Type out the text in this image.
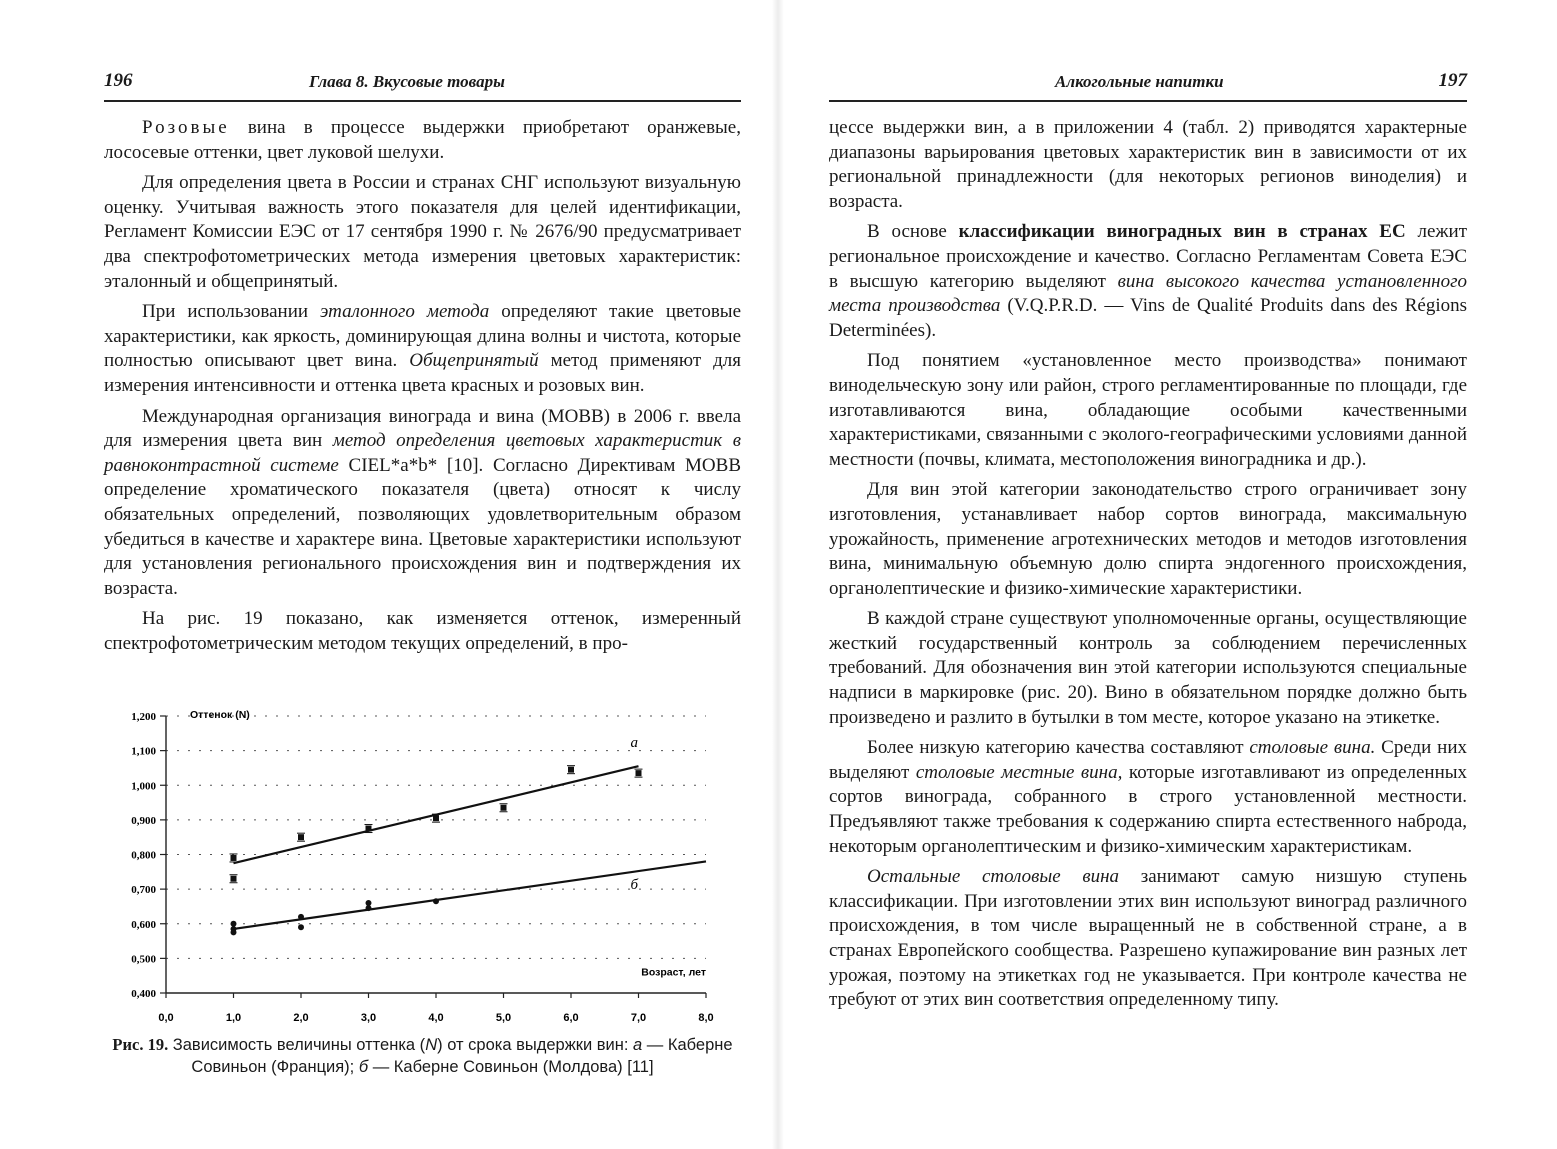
196	Глава 8. Вкусовые товары

Розовые вина в процессе выдержки приобретают оранжевые, лососевые оттенки, цвет луковой шелухи.

Для определения цвета в России и странах СНГ используют визуальную оценку. Учитывая важность этого показателя для целей идентификации, Регламент Комиссии ЕЭС от 17 сентября 1990 г. № 2676/90 предусматривает два спектрофотометрических метода измерения цветовых характеристик: эталонный и общепринятый.

При использовании эталонного метода определяют такие цветовые характеристики, как яркость, доминирующая длина волны и чистота, которые полностью описывают цвет вина. Общепринятый метод применяют для измерения интенсивности и оттенка цвета красных и розовых вин.

Международная организация винограда и вина (МОВВ) в 2006 г. ввела для измерения цвета вин метод определения цветовых характеристик в равноконтрастной системе CIEL*a*b* [10]. Согласно Директивам МОВВ определение хроматического показателя (цвета) относят к числу обязательных определений, позволяющих удовлетворительным образом убедиться в качестве и характере вина. Цветовые характеристики используют для установления регионального происхождения вин и подтверждения их возраста.

На рис. 19 показано, как изменяется оттенок, измеренный спектрофотометрическим методом текущих определений, в про-

0,400
0,500
0,600
0,700
0,800
0,900
1,000
1,100
1,200
0,0	1,0	2,0	3,0	4,0	5,0	6,0	7,0	8,0
Оттенок (N)
Возраст, лет
а
б
Рис. 19. Зависимость величины оттенка (N) от срока выдержки вин: а — Каберне Совиньон (Франция); б — Каберне Совиньон (Молдова) [11]
Алкогольные напитки	197

цессе выдержки вин, а в приложении 4 (табл. 2) приводятся характерные диапазоны варьирования цветовых характеристик вин в зависимости от их региональной принадлежности (для некоторых регионов виноделия) и возраста.

В основе классификации виноградных вин в странах ЕС лежит региональное происхождение и качество. Согласно Регламентам Совета ЕЭС в высшую категорию выделяют вина высокого качества установленного места производства (V.Q.P.R.D. — Vins de Qualité Produits dans des Régions Determinées).

Под понятием «установленное место производства» понимают винодельческую зону или район, строго регламентированные по площади, где изготавливаются вина, обладающие особыми качественными характеристиками, связанными с эколого-географическими условиями данной местности (почвы, климата, местоположения виноградника и др.).

Для вин этой категории законодательство строго ограничивает зону изготовления, устанавливает набор сортов винограда, максимальную урожайность, применение агротехнических методов и методов изготовления вина, минимальную объемную долю спирта эндогенного происхождения, органолептические и физико-химические характеристики.

В каждой стране существуют уполномоченные органы, осуществляющие жесткий государственный контроль за соблюдением перечисленных требований. Для обозначения вин этой категории используются специальные надписи в маркировке (рис. 20). Вино в обязательном порядке должно быть произведено и разлито в бутылки в том месте, которое указано на этикетке.

Более низкую категорию качества составляют столовые вина. Среди них выделяют столовые местные вина, которые изготавливают из определенных сортов винограда, собранного в строго установленной местности. Предъявляют также требования к содержанию спирта естественного наброда, некоторым органолептическим и физико-химическим характеристикам.

Остальные столовые вина занимают самую низшую ступень классификации. При изготовлении этих вин используют виноград различного происхождения, в том числе выращенный не в собственной стране, а в странах Европейского сообщества. Разрешено купажирование вин разных лет урожая, поэтому на этикетках год не указывается. При контроле качества не требуют от этих вин соответствия определенному типу.
